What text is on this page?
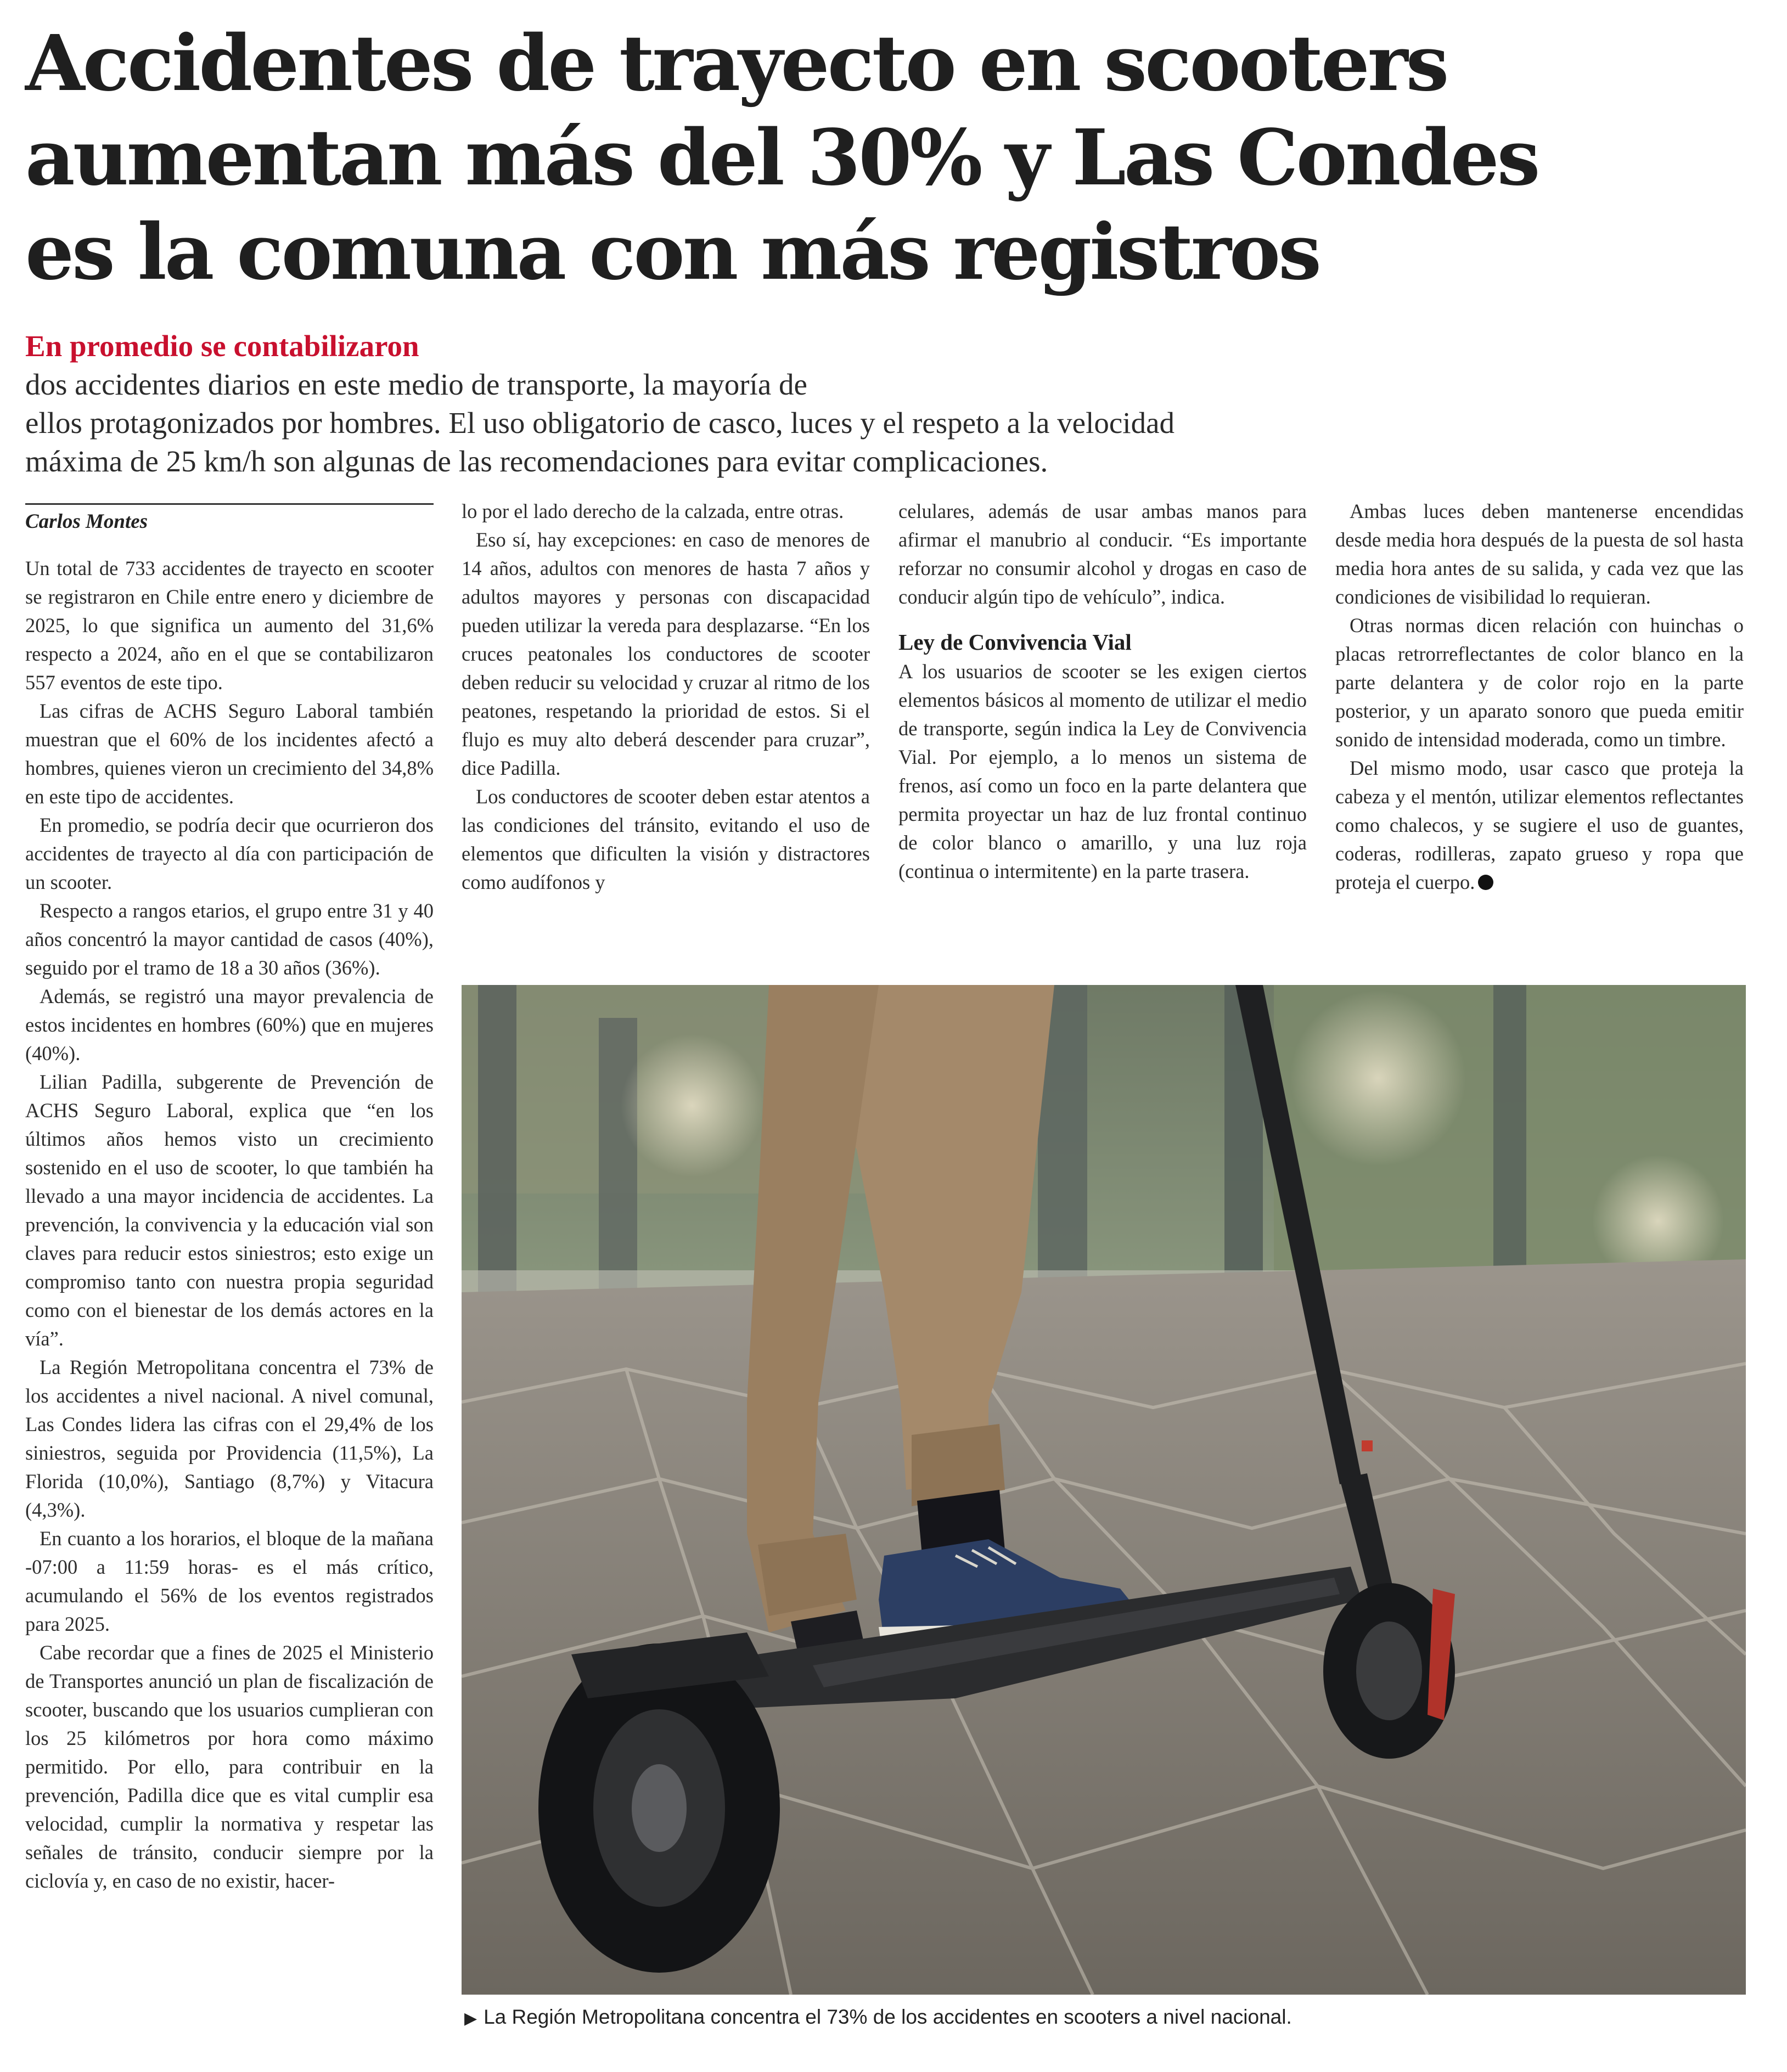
Accidentes de trayecto en scooters
aumentan más del 30% y Las Condes
es la comuna con más registros
En promedio se contabilizaron
dos accidentes diarios en este medio de transporte, la mayoría de
ellos protagonizados por hombres. El uso obligatorio de casco, luces y el respeto a la velocidad
máxima de 25 km/h son algunas de las recomendaciones para evitar complicaciones.

Carlos Montes

Un total de 733 accidentes de trayecto en scooter se registraron en Chile entre enero y diciembre de 2025, lo que significa un aumento del 31,6% respecto a 2024, año en el que se contabilizaron 557 eventos de este tipo.

Las cifras de ACHS Seguro Laboral también muestran que el 60% de los incidentes afectó a hombres, quienes vieron un crecimiento del 34,8% en este tipo de accidentes.

En promedio, se podría decir que ocurrieron dos accidentes de trayecto al día con participación de un scooter.

Respecto a rangos etarios, el grupo entre 31 y 40 años concentró la mayor cantidad de casos (40%), seguido por el tramo de 18 a 30 años (36%).

Además, se registró una mayor prevalencia de estos incidentes en hombres (60%) que en mujeres (40%).

Lilian Padilla, subgerente de Prevención de ACHS Seguro Laboral, explica que “en los últimos años hemos visto un crecimiento sostenido en el uso de scooter, lo que también ha llevado a una mayor incidencia de accidentes. La prevención, la convivencia y la educación vial son claves para reducir estos siniestros; esto exige un compromiso tanto con nuestra propia seguridad como con el bienestar de los demás actores en la vía”.

La Región Metropolitana concentra el 73% de los accidentes a nivel nacional. A nivel comunal, Las Condes lidera las cifras con el 29,4% de los siniestros, seguida por Providencia (11,5%), La Florida (10,0%), Santiago (8,7%) y Vitacura (4,3%).

En cuanto a los horarios, el bloque de la mañana -07:00 a 11:59 horas- es el más crítico, acumulando el 56% de los eventos registrados para 2025.

Cabe recordar que a fines de 2025 el Ministerio de Transportes anunció un plan de fiscalización de scooter, buscando que los usuarios cumplieran con los 25 kilómetros por hora como máximo permitido. Por ello, para contribuir en la prevención, Padilla dice que es vital cumplir esa velocidad, cumplir la normativa y respetar las señales de tránsito, conducir siempre por la ciclovía y, en caso de no existir, hacer-

lo por el lado derecho de la calzada, entre otras.

Eso sí, hay excepciones: en caso de menores de 14 años, adultos con menores de hasta 7 años y adultos mayores y personas con discapacidad pueden utilizar la vereda para desplazarse. “En los cruces peatonales los conductores de scooter deben reducir su velocidad y cruzar al ritmo de los peatones, respetando la prioridad de estos. Si el flujo es muy alto deberá descender para cruzar”, dice Padilla.

Los conductores de scooter deben estar atentos a las condiciones del tránsito, evitando el uso de elementos que dificulten la visión y distractores como audífonos y

celulares, además de usar ambas manos para afirmar el manubrio al conducir. “Es importante reforzar no consumir alcohol y drogas en caso de conducir algún tipo de vehículo”, indica.

Ley de Convivencia Vial

A los usuarios de scooter se les exigen ciertos elementos básicos al momento de utilizar el medio de transporte, según indica la Ley de Convivencia Vial. Por ejemplo, a lo menos un sistema de frenos, así como un foco en la parte delantera que permita proyectar un haz de luz frontal continuo de color blanco o amarillo, y una luz roja (continua o intermitente) en la parte trasera.

Ambas luces deben mantenerse encendidas desde media hora después de la puesta de sol hasta media hora antes de su salida, y cada vez que las condiciones de visibilidad lo requieran.

Otras normas dicen relación con huinchas o placas retrorreflectantes de color blanco en la parte delantera y de color rojo en la parte posterior, y un aparato sonoro que pueda emitir sonido de intensidad moderada, como un timbre.

Del mismo modo, usar casco que proteja la cabeza y el mentón, utilizar elementos reflectantes como chalecos, y se sugiere el uso de guantes, coderas, rodilleras, zapato grueso y ropa que proteja el cuerpo.

▶ La Región Metropolitana concentra el 73% de los accidentes en scooters a nivel nacional.
